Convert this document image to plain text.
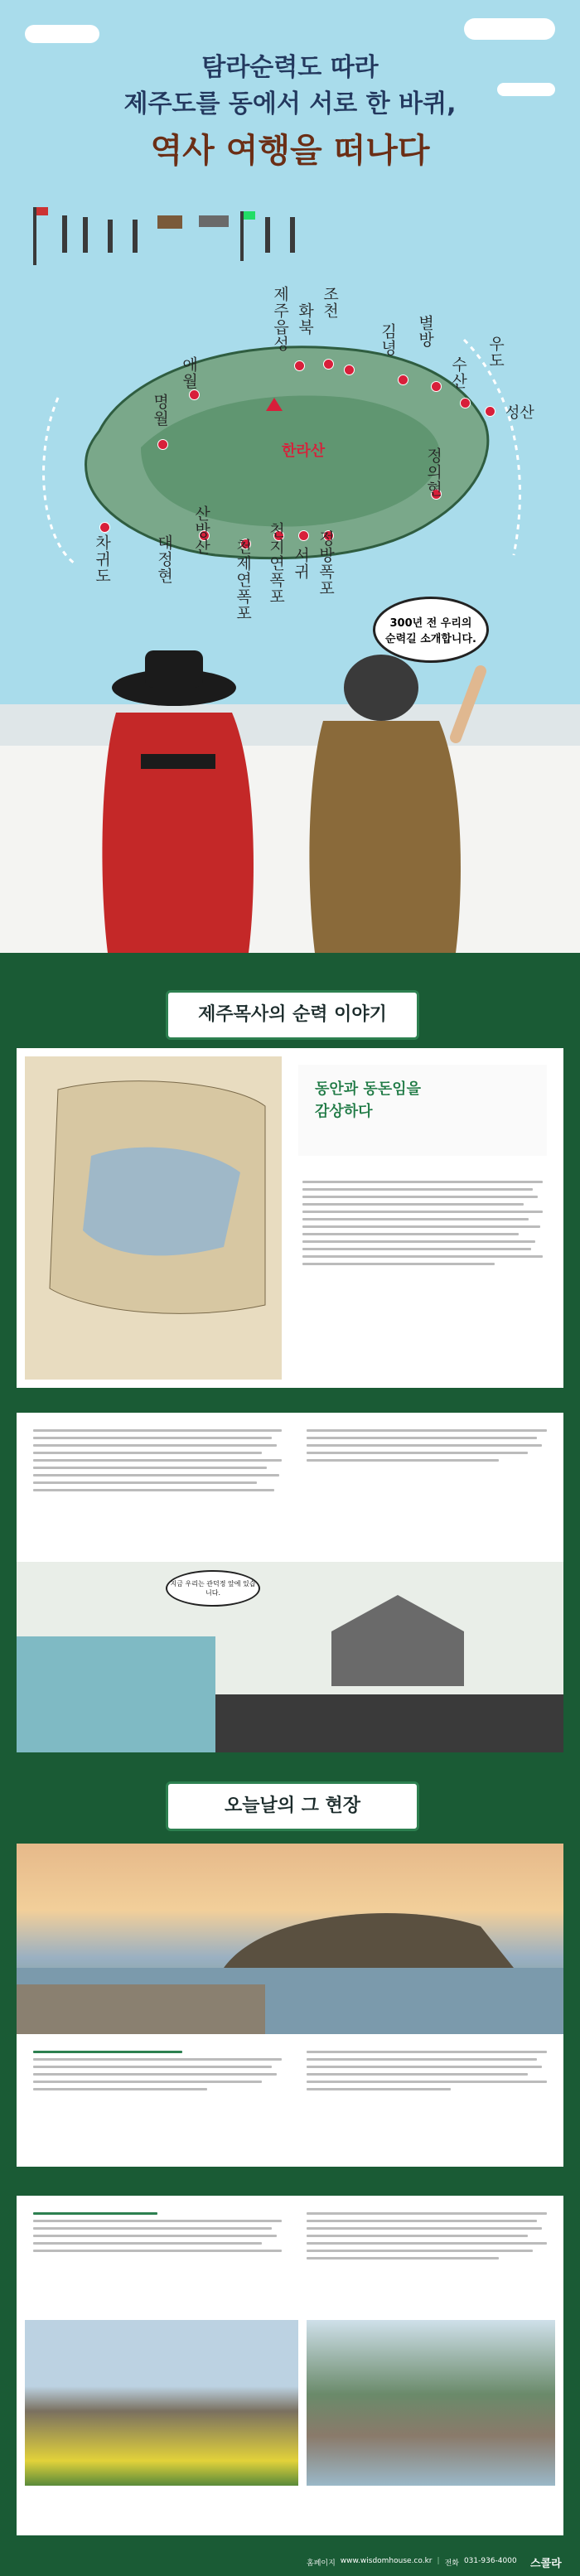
탐라순력도 따라
제주도를 동에서 서로 한 바퀴,
역사 여행을 떠나다
제주읍성 화북 조천
김녕 별방
수산
우도
성산
애월
명월
한라산	정의현
차귀도	대정현
산방산
천제연폭포 천지연폭포 서귀 정방폭포
300년 전 우리의 순력길 소개합니다.
제주목사의 순력 이야기
동안과 동돈임을
감상하다
지금 우리는 관덕정 앞에 있습니다.
오늘날의 그 현장
홈페이지 www.wisdomhouse.co.kr | 전화 031-936-4000 스콜라
